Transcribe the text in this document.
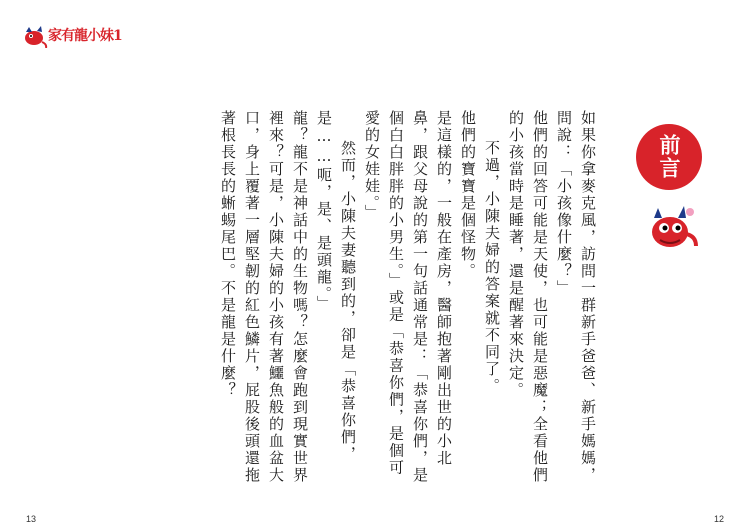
家有龍小妹1
前言

如果你拿麥克風，訪問一群新手爸爸、新手媽媽，問說：「小孩像什麼？」

他們的回答可能是天使，也可能是惡魔；全看他們的小孩當時是睡著，還是醒著來決定。

不過，小陳夫婦的答案就不同了。

他們的寶寶是個怪物。

是這樣的，一般在產房，醫師抱著剛出世的小北鼻，跟父母說的第一句話通常是：「恭喜你們，是個白白胖胖的小男生。」或是「恭喜你們，是個可愛的女娃娃。」

然而，小陳夫妻聽到的，卻是「恭喜你們，是……呃，是、是頭龍。」

龍？龍不是神話中的生物嗎？怎麼會跑到現實世界裡來？可是，小陳夫婦的小孩有著鱷魚般的血盆大口，身上覆著一層堅韌的紅色鱗片，屁股後頭還拖著根長長的蜥蜴尾巴。不是龍是什麼？

13	12
